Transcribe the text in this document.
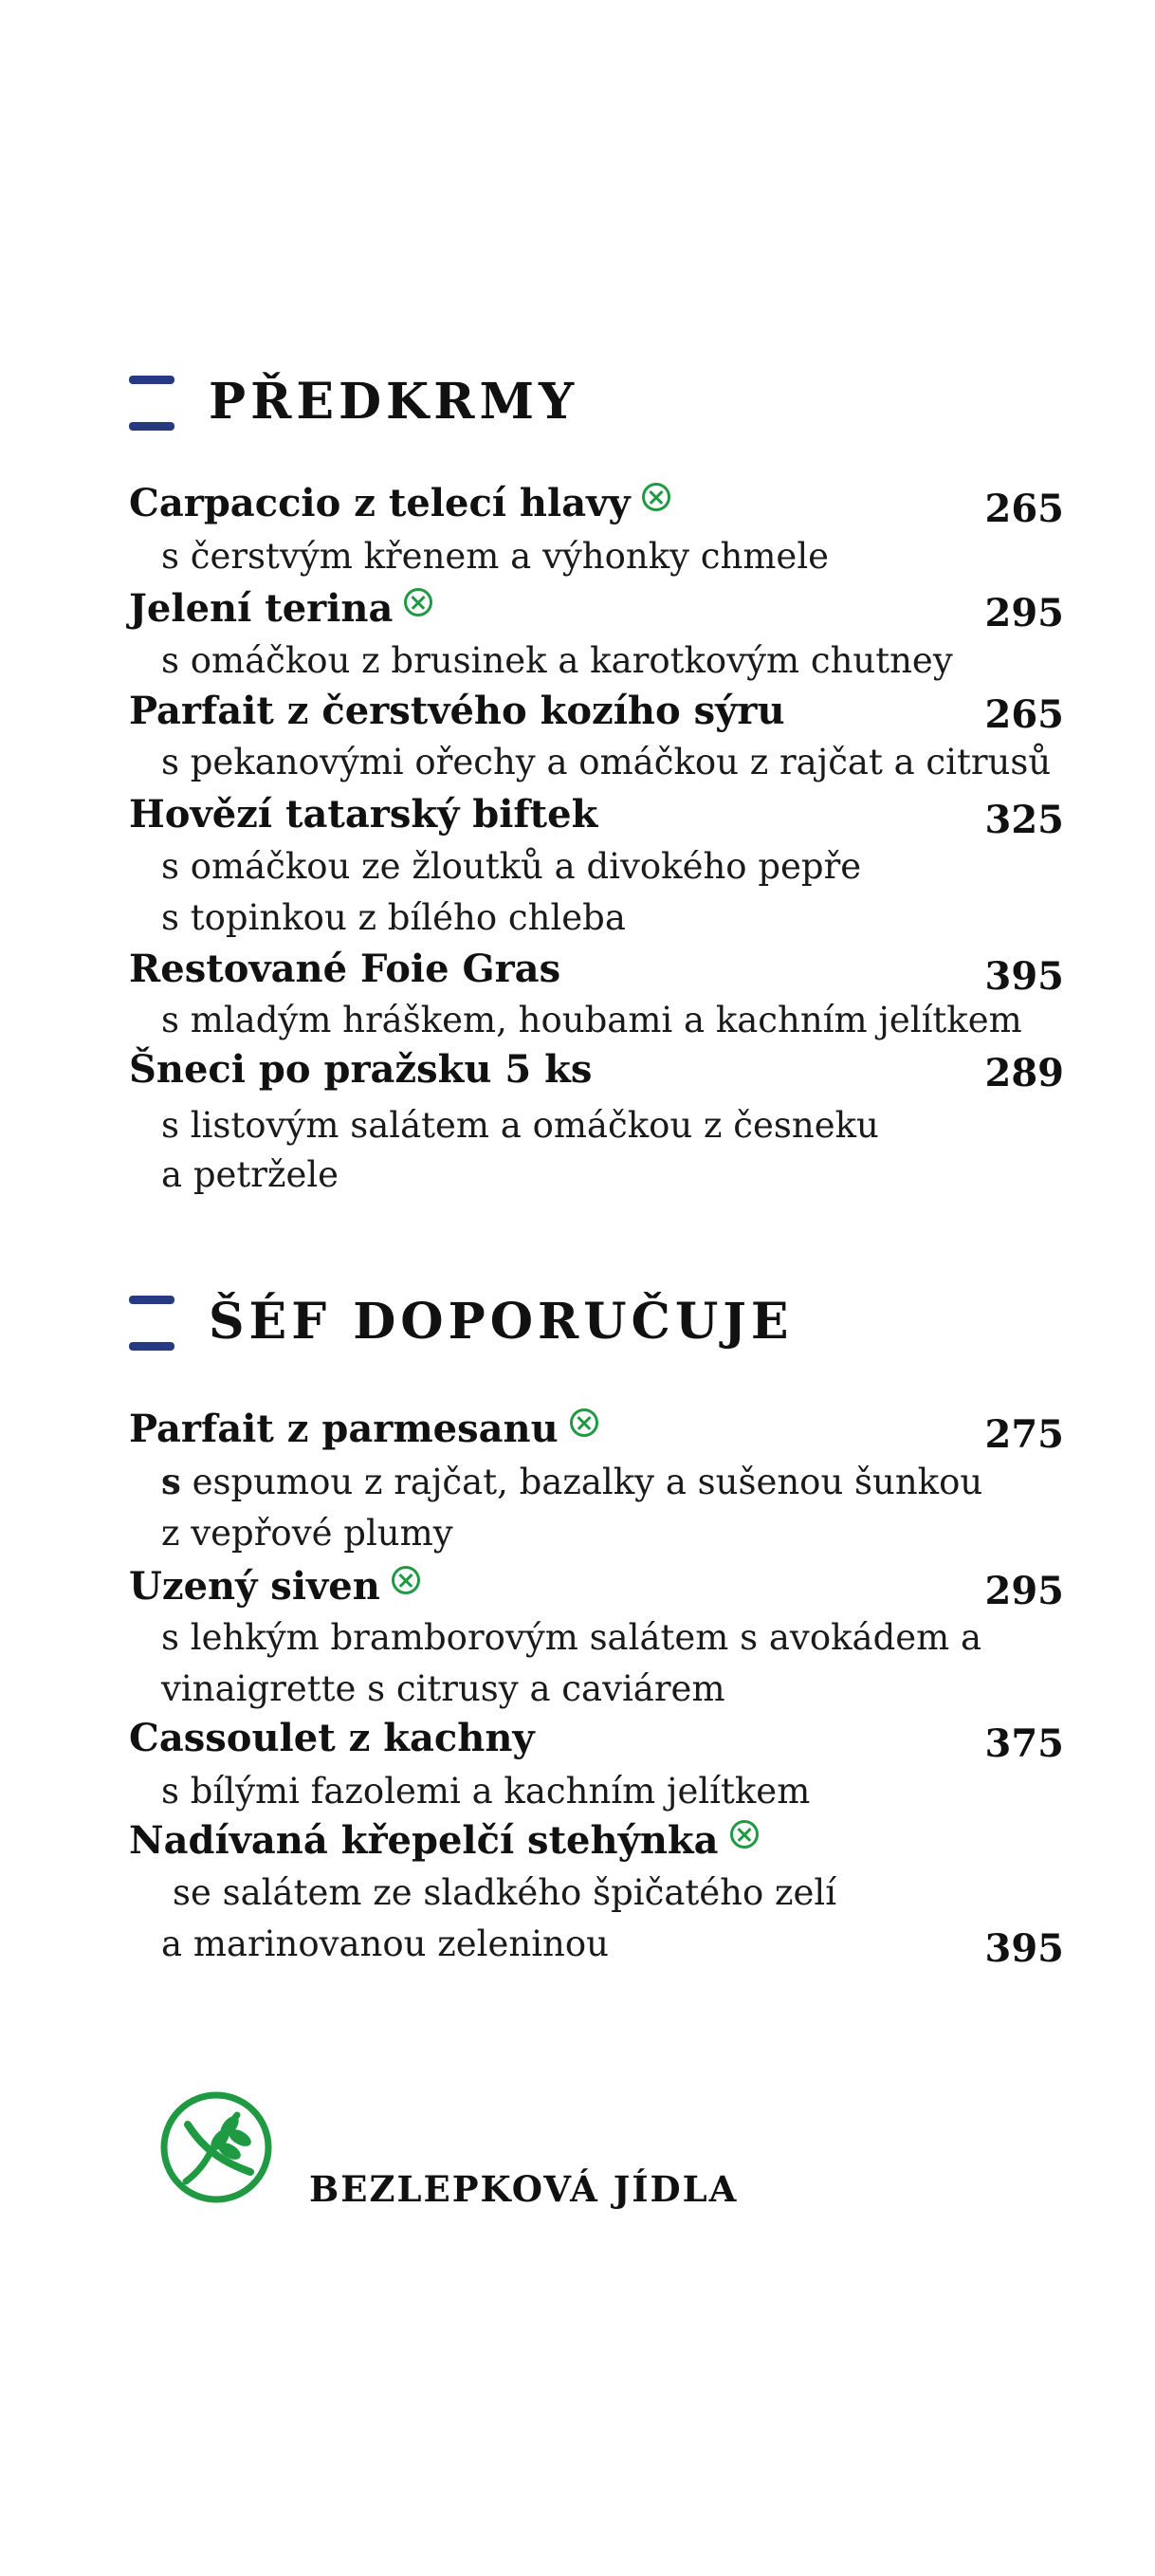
PŘEDKRMY
Carpaccio z telecí hlavy	265
s čerstvým křenem a výhonky chmele
Jelení terina	295
s omáčkou z brusinek a karotkovým chutney
Parfait z čerstvého kozího sýru	265
s pekanovými ořechy a omáčkou z rajčat a citrusů
Hovězí tatarský biftek	325
s omáčkou ze žloutků a divokého pepře
s topinkou z bílého chleba
Restované Foie Gras	395
s mladým hráškem, houbami a kachním jelítkem
Šneci po pražsku 5 ks	289
s listovým salátem a omáčkou z česneku
a petržele
ŠÉF DOPORUČUJE
Parfait z parmesanu	275
s espumou z rajčat, bazalky a sušenou šunkou
z vepřové plumy
Uzený siven	295
s lehkým bramborovým salátem s avokádem a
vinaigrette s citrusy a caviárem
Cassoulet z kachny	375
s bílými fazolemi a kachním jelítkem
Nadívaná křepelčí stehýnka
se salátem ze sladkého špičatého zelí
a marinovanou zeleninou	395
BEZLEPKOVÁ JÍDLA
